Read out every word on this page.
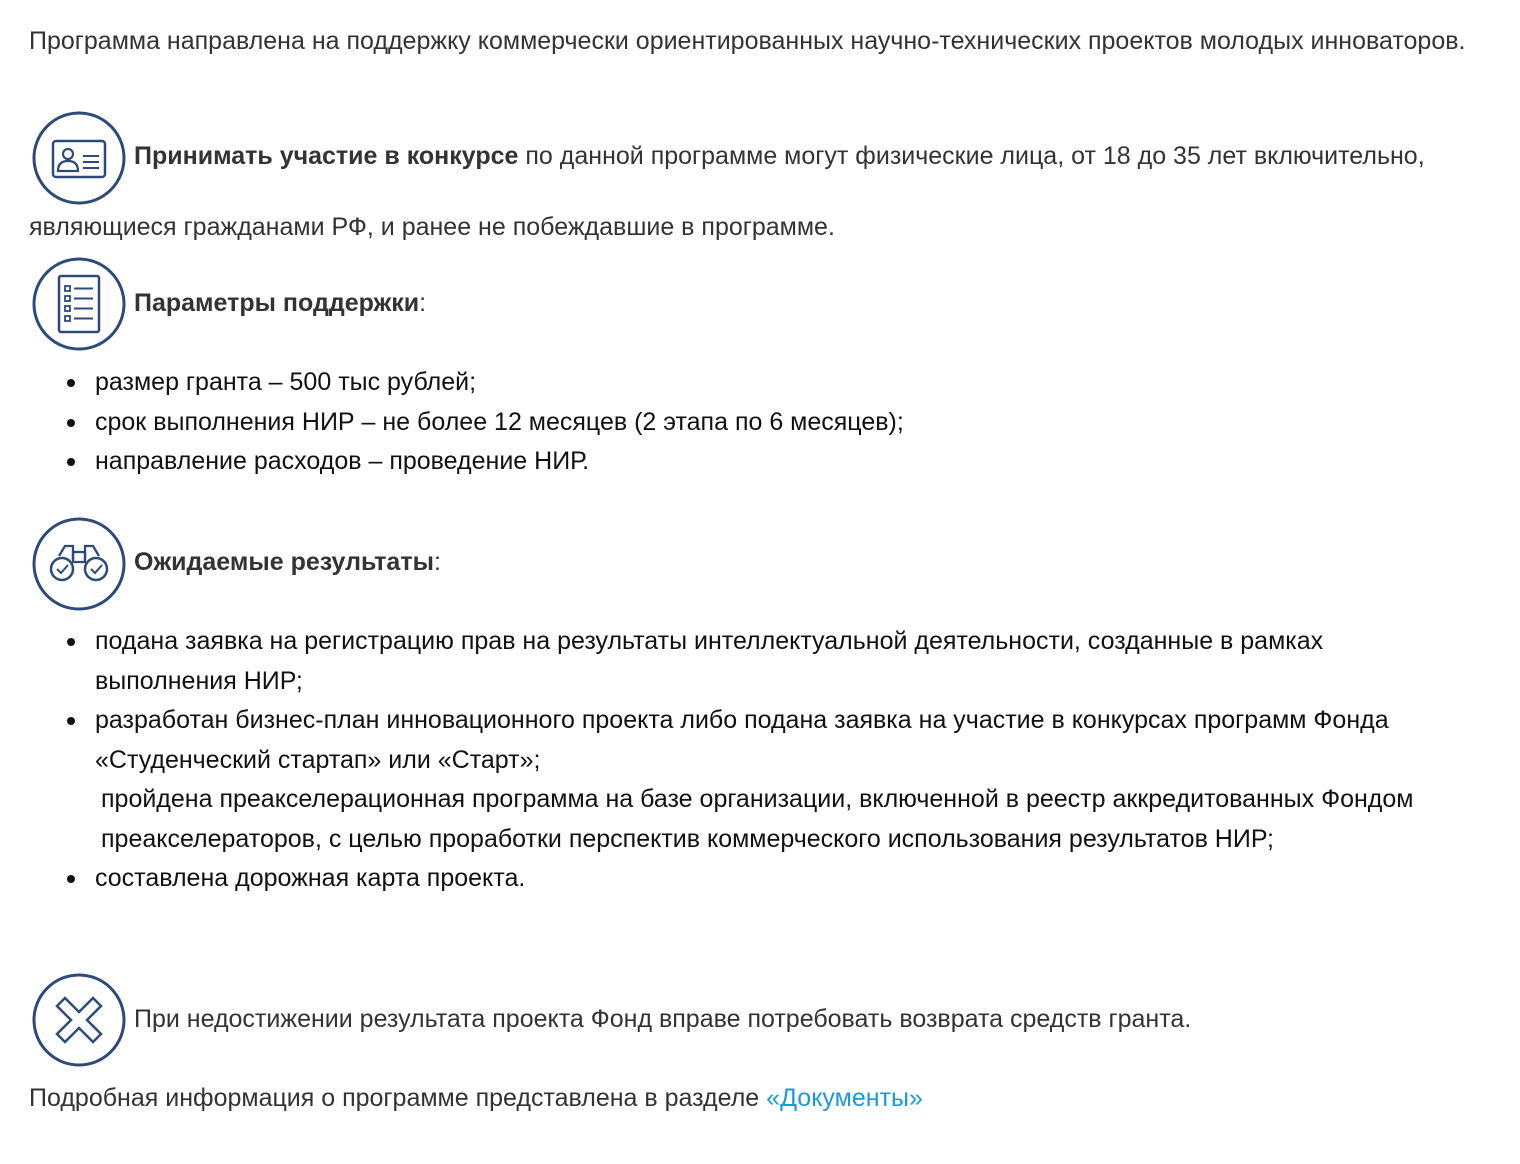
Программа направлена на поддержку коммерчески ориентированных научно-технических проектов молодых инноваторов.

Принимать участие в конкурсе по данной программе могут физические лица, от 18 до 35 лет включительно,
являющиеся гражданами РФ, и ранее не побеждавшие в программе.
Параметры поддержки:
размер гранта – 500 тыс рублей;
срок выполнения НИР – не более 12 месяцев (2 этапа по 6 месяцев);
направление расходов – проведение НИР.
Ожидаемые результаты:
подана заявка на регистрацию прав на результаты интеллектуальной деятельности, созданные в рамках выполнения НИР;
разработан бизнес-план инновационного проекта либо подана заявка на участие в конкурсах программ Фонда «Студенческий стартап» или «Старт»;
пройдена преакселерационная программа на базе организации, включенной в реестр аккредитованных Фондом преакселераторов, с целью проработки перспектив коммерческого использования результатов НИР;
составлена дорожная карта проекта.
При недостижении результата проекта Фонд вправе потребовать возврата средств гранта.
Подробная информация о программе представлена в разделе «Документы»
